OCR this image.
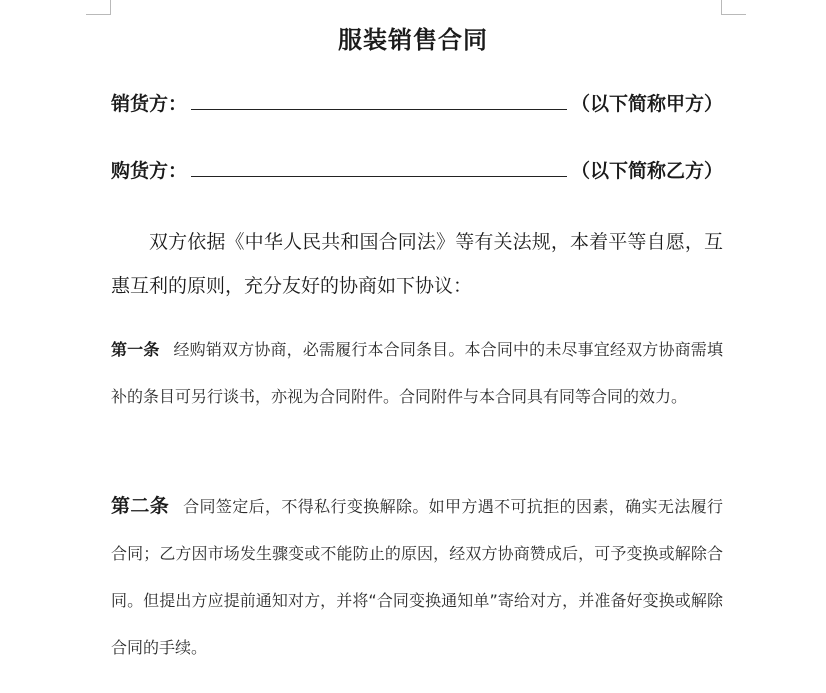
服装销售合同
销货方：	（以下简称甲方）
购货方：	（以下简称乙方）

双方依据《中华人民共和国合同法》等有关法规，本着平等自愿，互惠互利的原则，充分友好的协商如下协议：

第一条 经购销双方协商，必需履行本合同条目。本合同中的未尽事宜经双方协商需填补的条目可另行谈书，亦视为合同附件。合同附件与本合同具有同等合同的效力。

第二条 合同签定后，不得私行变换解除。如甲方遇不可抗拒的因素，确实无法履行合同；乙方因市场发生骤变或不能防止的原因，经双方协商赞成后，可予变换或解除合同。但提出方应提前通知对方，并将“合同变换通知单”寄给对方，并准备好变换或解除合同的手续。
